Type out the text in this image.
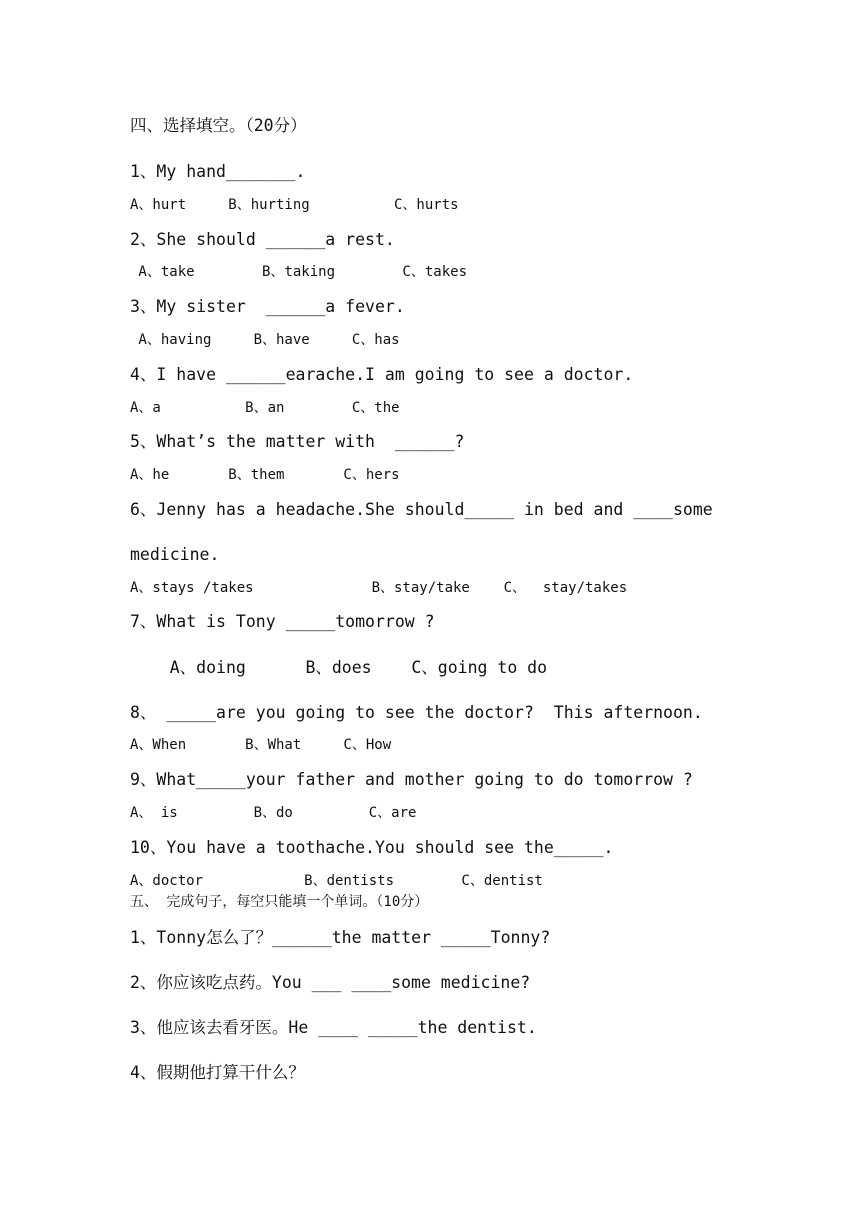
四、选择填空。（20分）
1、My hand_______.
A、hurt     B、hurting          C、hurts
2、She should ______a rest.
A、take        B、taking        C、takes
3、My sister  ______a fever.
A、having     B、have     C、has
4、I have ______earache.I am going to see a doctor.
A、a          B、an        C、the
5、What’s the matter with  ______?
A、he       B、them       C、hers
6、Jenny has a headache.She should_____ in bed and ____some
medicine.
A、stays /takes              B、stay/take    C、  stay/takes
7、What is Tony _____tomorrow ?
A、doing      B、does    C、going to do
8、 _____are you going to see the doctor?  This afternoon.
A、When       B、What     C、How
9、What_____your father and mother going to do tomorrow ?
A、 is         B、do         C、are
10、You have a toothache.You should see the_____.
A、doctor            B、dentists        C、dentist
五、 完成句子，每空只能填一个单词。（10分）
1、Tonny怎么了？______the matter _____Tonny?
2、你应该吃点药。You ___ ____some medicine?
3、他应该去看牙医。He ____ _____the dentist.
4、假期他打算干什么？
